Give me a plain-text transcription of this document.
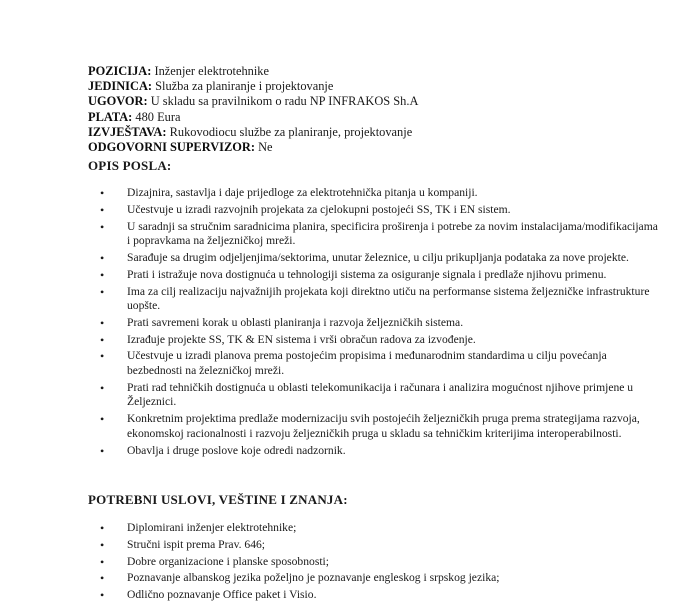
POZICIJA: Inženjer elektrotehnike
JEDINICA: Služba za planiranje i projektovanje
UGOVOR: U skladu sa pravilnikom o radu NP INFRAKOS Sh.A
PLATA: 480 Eura
IZVJEŠTAVA: Rukovodiocu službe za planiranje, projektovanje
ODGOVORNI SUPERVIZOR: Ne
OPIS POSLA:
• Dizajnira, sastavlja i daje prijedloge za elektrotehnička pitanja u kompaniji.
• Učestvuje u izradi razvojnih projekata za cjelokupni postojeći SS, TK i EN sistem.
• U saradnji sa stručnim saradnicima planira, specificira proširenja i potrebe za novim instalacijama/modifikacijama i popravkama na željezničkoj mreži.
• Sarađuje sa drugim odjeljenjima/sektorima, unutar železnice, u cilju prikupljanja podataka za nove projekte.
• Prati i istražuje nova dostignuća u tehnologiji sistema za osiguranje signala i predlaže njihovu primenu.
• Ima za cilj realizaciju najvažnijih projekata koji direktno utiču na performanse sistema željezničke infrastrukture uopšte.
• Prati savremeni korak u oblasti planiranja i razvoja željezničkih sistema.
• Izrađuje projekte SS, TK & EN sistema i vrši obračun radova za izvođenje.
• Učestvuje u izradi planova prema postojećim propisima i međunarodnim standardima u cilju povećanja bezbednosti na železničkoj mreži.
• Prati rad tehničkih dostignuća u oblasti telekomunikacija i računara i analizira mogućnost njihove primjene u Željeznici.
• Konkretnim projektima predlaže modernizaciju svih postojećih željezničkih pruga prema strategijama razvoja, ekonomskoj racionalnosti i razvoju željezničkih pruga u skladu sa tehničkim kriterijima interoperabilnosti.
• Obavlja i druge poslove koje odredi nadzornik.
POTREBNI USLOVI, VEŠTINE I ZNANJA:
• Diplomirani inženjer elektrotehnike;
• Stručni ispit prema Prav. 646;
• Dobre organizacione i planske sposobnosti;
• Poznavanje albanskog jezika poželjno je poznavanje engleskog i srpskog jezika;
• Odlično poznavanje Office paket i Visio.
